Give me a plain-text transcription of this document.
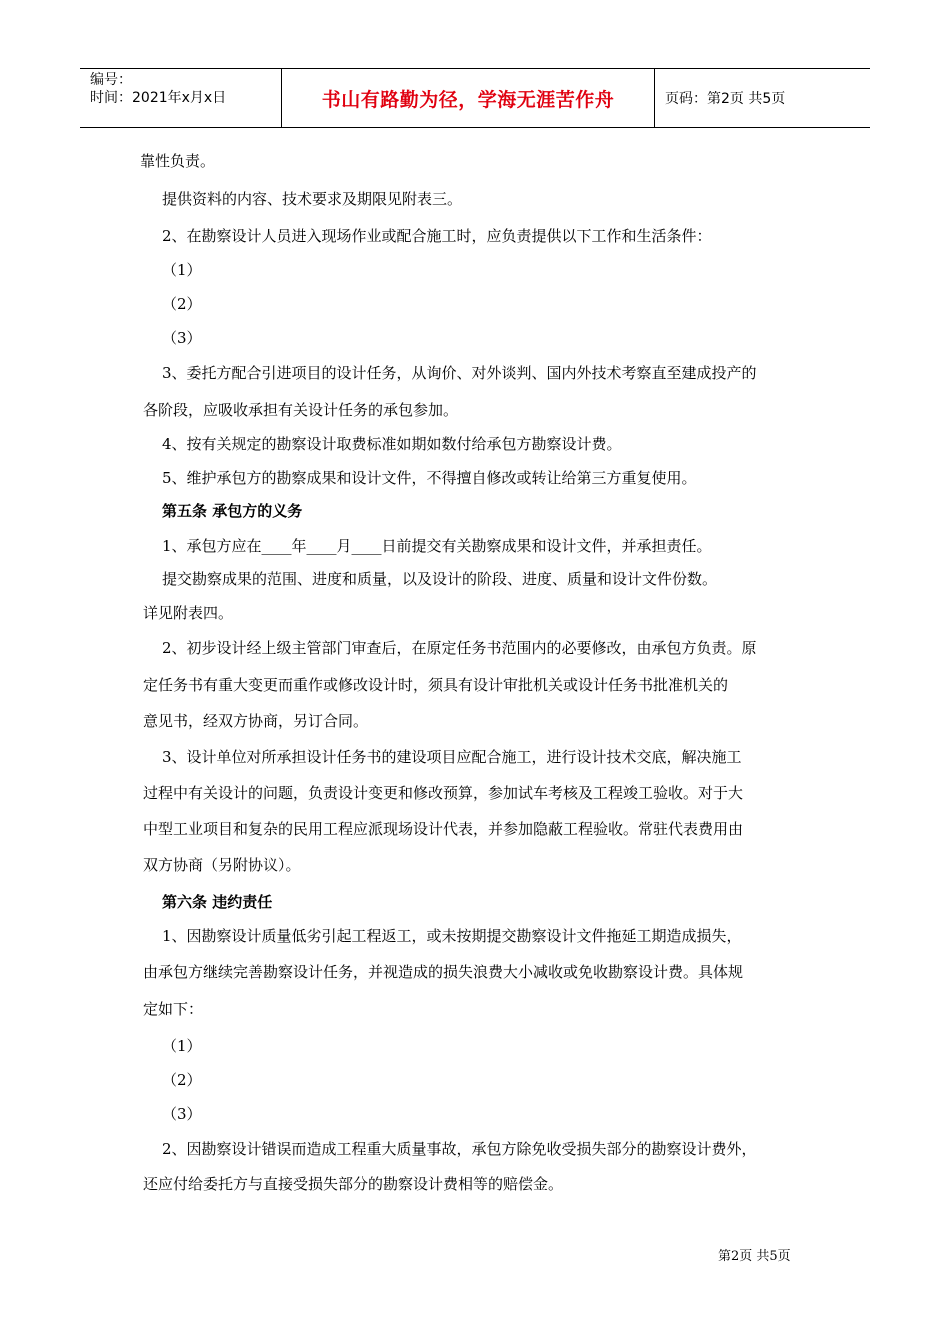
编号：
时间：2021年x月x日	书山有路勤为径，学海无涯苦作舟	页码：第2页 共5页
靠性负责。
提供资料的内容、技术要求及期限见附表三。
2、在勘察设计人员进入现场作业或配合施工时，应负责提供以下工作和生活条件：
（1）
（2）
（3）
3、委托方配合引进项目的设计任务，从询价、对外谈判、国内外技术考察直至建成投产的
各阶段，应吸收承担有关设计任务的承包参加。
4、按有关规定的勘察设计取费标准如期如数付给承包方勘察设计费。
5、维护承包方的勘察成果和设计文件，不得擅自修改或转让给第三方重复使用。
第五条 承包方的义务
1、承包方应在____年____月____日前提交有关勘察成果和设计文件，并承担责任。
提交勘察成果的范围、进度和质量，以及设计的阶段、进度、质量和设计文件份数。
详见附表四。
2、初步设计经上级主管部门审查后，在原定任务书范围内的必要修改，由承包方负责。原
定任务书有重大变更而重作或修改设计时，须具有设计审批机关或设计任务书批准机关的
意见书，经双方协商，另订合同。
3、设计单位对所承担设计任务书的建设项目应配合施工，进行设计技术交底，解决施工
过程中有关设计的问题，负责设计变更和修改预算，参加试车考核及工程竣工验收。对于大
中型工业项目和复杂的民用工程应派现场设计代表，并参加隐蔽工程验收。常驻代表费用由
双方协商（另附协议）。
第六条 违约责任
1、因勘察设计质量低劣引起工程返工，或未按期提交勘察设计文件拖延工期造成损失，
由承包方继续完善勘察设计任务，并视造成的损失浪费大小减收或免收勘察设计费。具体规
定如下：
（1）
（2）
（3）
2、因勘察设计错误而造成工程重大质量事故，承包方除免收受损失部分的勘察设计费外，
还应付给委托方与直接受损失部分的勘察设计费相等的赔偿金。
第2页 共5页
